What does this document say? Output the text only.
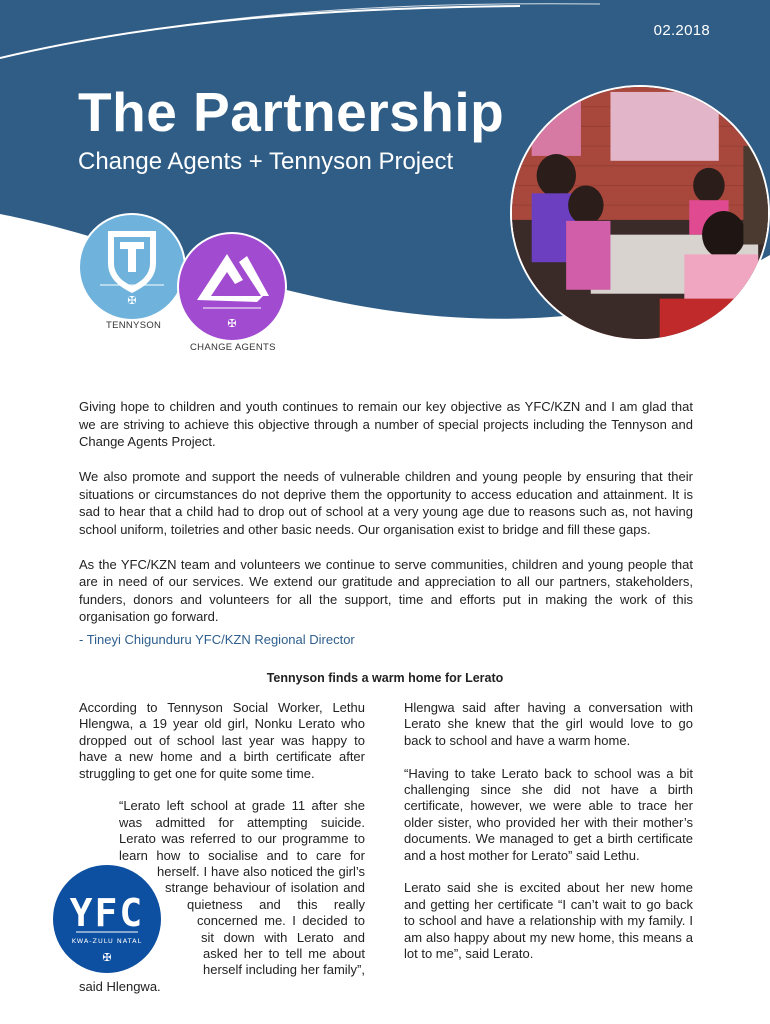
02.2018
The Partnership
Change Agents + Tennyson Project
✠
TENNYSON	✠
CHANGE AGENTS

Giving hope to children and youth continues to remain our key objective as YFC/KZN and I am glad that we are striving to achieve this objective through a number of special projects including the Tennyson and Change Agents Project.

We also promote and support the needs of vulnerable children and young people by ensuring that their situations or circumstances do not deprive them the opportunity to access education and attainment. It is sad to hear that a child had to drop out of school at a very young age due to reasons such as, not having school uniform, toiletries and other basic needs. Our organisation exist to bridge and fill these gaps.

As the YFC/KZN team and volunteers we continue to serve communities, children and young people that are in need of our services. We extend our gratitude and appreciation to all our partners, stakeholders, funders, donors and volunteers for all the support, time and efforts put in making the work of this organisation go forward.

- Tineyi Chigunduru YFC/KZN Regional Director
Tennyson finds a warm home for Lerato

According to Tennyson Social Worker, Lethu Hlengwa, a 19 year old girl, Nonku Lerato who dropped out of school last year was happy to have a new home and a birth certificate after struggling to get one for quite some time.

“Lerato left school at grade 11 after she was admitted for attempting suicide. Lerato was referred to our programme to learn how to socialise and to care for herself. I have also noticed the girl’s strange behaviour of isolation and quietness and this really concerned me. I decided to sit down with Lerato and asked her to tell me about herself including her family”, said Hlengwa.

Hlengwa said after having a conversation with Lerato she knew that the girl would love to go back to school and have a warm home.

“Having to take Lerato back to school was a bit challenging since she did not have a birth certificate, however, we were able to trace her older sister, who provided her with their mother’s documents. We managed to get a birth certificate and a host mother for Lerato” said Lethu.

Lerato said she is excited about her new home and getting her certificate “I can’t wait to go back to school and have a relationship with my family. I am also happy about my new home, this means a lot to me”, said Lerato.

YFC
KWA-ZULU NATAL
✠
